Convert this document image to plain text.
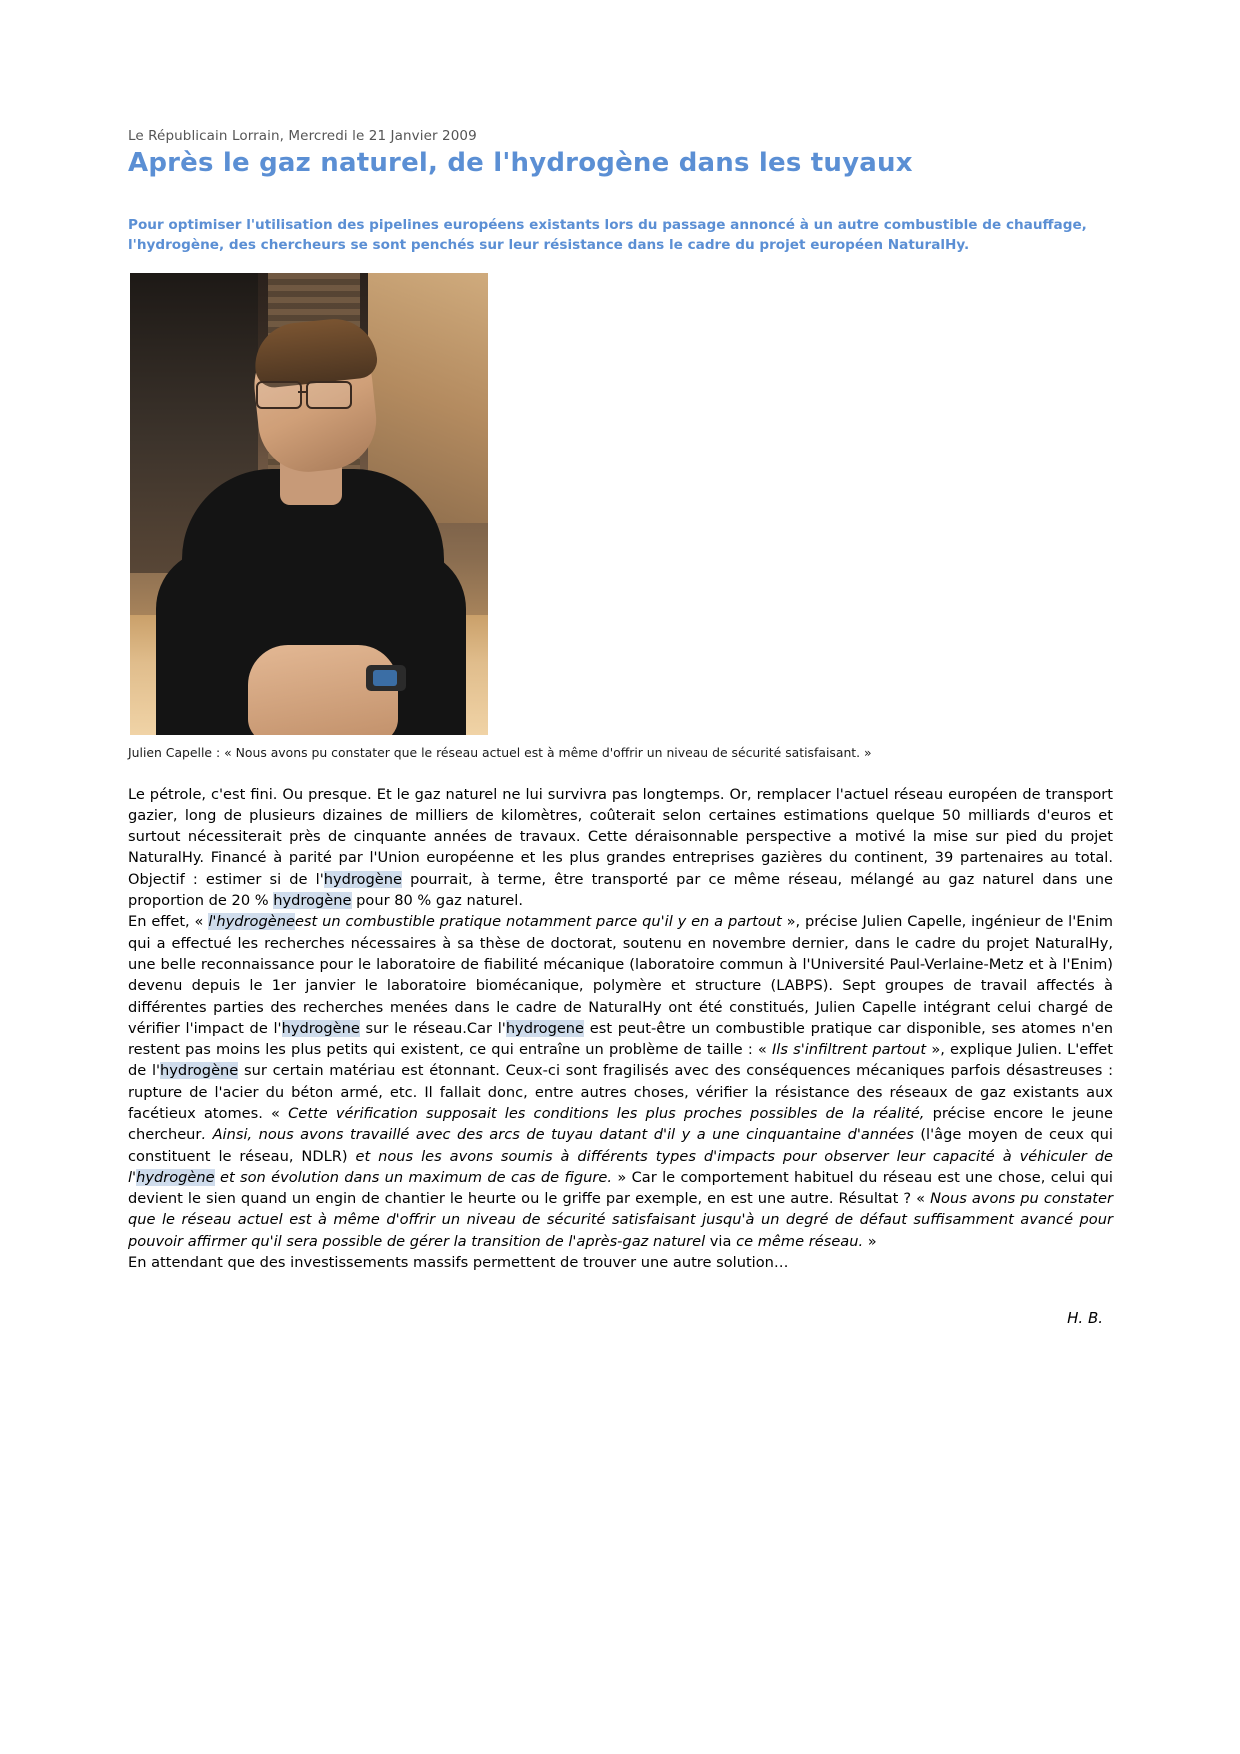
Le Républicain Lorrain, Mercredi le 21 Janvier 2009
Après le gaz naturel, de l'hydrogène dans les tuyaux
Pour optimiser l'utilisation des pipelines européens existants lors du passage annoncé à un autre combustible de chauffage, l'hydrogène, des chercheurs se sont penchés sur leur résistance dans le cadre du projet européen NaturalHy.
Julien Capelle : « Nous avons pu constater que le réseau actuel est à même d'offrir un niveau de sécurité satisfaisant. »

Le pétrole, c'est fini. Ou presque. Et le gaz naturel ne lui survivra pas longtemps. Or, remplacer l'actuel réseau européen de transport gazier, long de plusieurs dizaines de milliers de kilomètres, coûterait selon certaines estimations quelque 50 milliards d'euros et surtout nécessiterait près de cinquante années de travaux. Cette déraisonnable perspective a motivé la mise sur pied du projet NaturalHy. Financé à parité par l'Union européenne et les plus grandes entreprises gazières du continent, 39 partenaires au total. Objectif : estimer si de l'hydrogène pourrait, à terme, être transporté par ce même réseau, mélangé au gaz naturel dans une proportion de 20 % hydrogène pour 80 % gaz naturel.

En effet, « l'hydrogèneest un combustible pratique notamment parce qu'il y en a partout », précise Julien Capelle, ingénieur de l'Enim qui a effectué les recherches nécessaires à sa thèse de doctorat, soutenu en novembre dernier, dans le cadre du projet NaturalHy, une belle reconnaissance pour le laboratoire de fiabilité mécanique (laboratoire commun à l'Université Paul-Verlaine-Metz et à l'Enim) devenu depuis le 1er janvier le laboratoire biomécanique, polymère et structure (LABPS). Sept groupes de travail affectés à différentes parties des recherches menées dans le cadre de NaturalHy ont été constitués, Julien Capelle intégrant celui chargé de vérifier l'impact de l'hydrogène sur le réseau.Car l'hydrogene est peut-être un combustible pratique car disponible, ses atomes n'en restent pas moins les plus petits qui existent, ce qui entraîne un problème de taille : « Ils s'infiltrent partout », explique Julien. L'effet de l'hydrogène sur certain matériau est étonnant. Ceux-ci sont fragilisés avec des conséquences mécaniques parfois désastreuses : rupture de l'acier du béton armé, etc. Il fallait donc, entre autres choses, vérifier la résistance des réseaux de gaz existants aux facétieux atomes. « Cette vérification supposait les conditions les plus proches possibles de la réalité, précise encore le jeune chercheur. Ainsi, nous avons travaillé avec des arcs de tuyau datant d'il y a une cinquantaine d'années (l'âge moyen de ceux qui constituent le réseau, NDLR) et nous les avons soumis à différents types d'impacts pour observer leur capacité à véhiculer de l'hydrogène et son évolution dans un maximum de cas de figure. » Car le comportement habituel du réseau est une chose, celui qui devient le sien quand un engin de chantier le heurte ou le griffe par exemple, en est une autre. Résultat ? « Nous avons pu constater que le réseau actuel est à même d'offrir un niveau de sécurité satisfaisant jusqu'à un degré de défaut suffisamment avancé pour pouvoir affirmer qu'il sera possible de gérer la transition de l'après-gaz naturel via ce même réseau. »

En attendant que des investissements massifs permettent de trouver une autre solution…

H. B.
